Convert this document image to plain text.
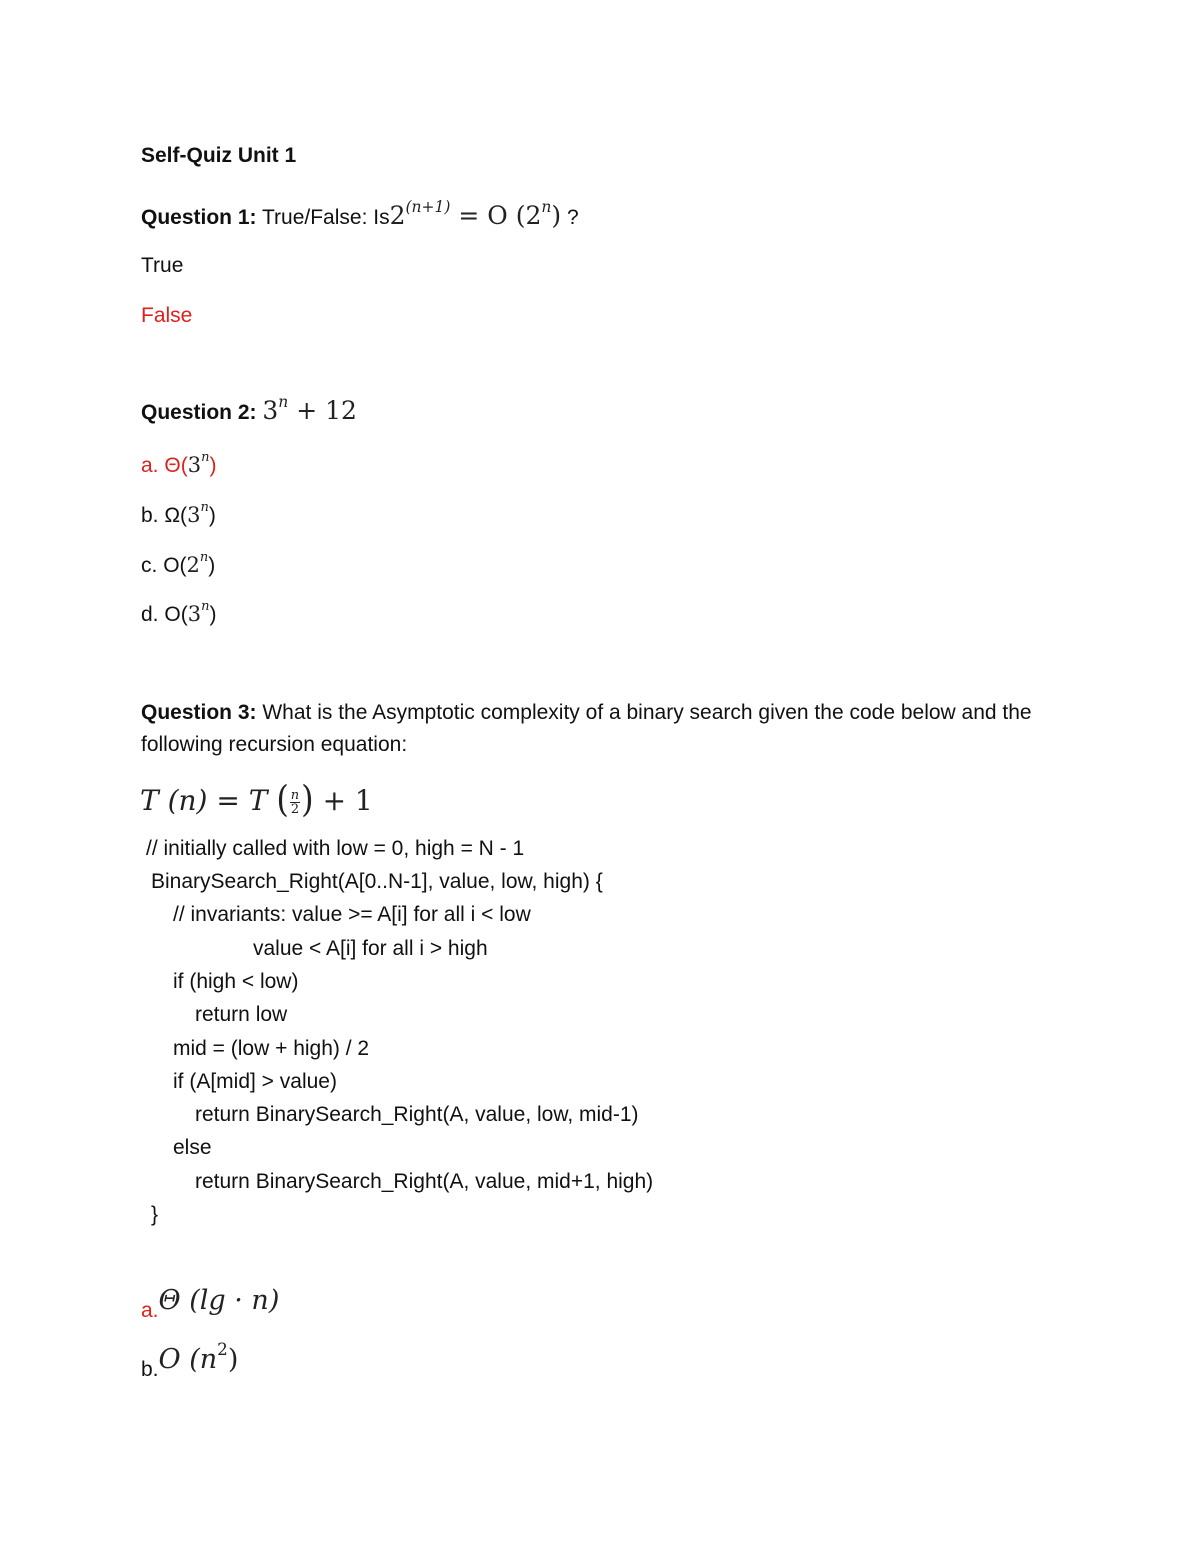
Self-Quiz Unit 1
Question 1: True/False: $Is2^{(n+1)} = O$ (2$^n$) ?
True
False
Question 2: $3^n + 12$
a. Θ(3$^n$)
b. Ω(3$^n$)
c. O(2$^n$)
d. O(3$^n$)
Question 3: What is the Asymptotic complexity of a binary search given the code below and the
following recursion equation:
T (n) = T ( $\frac{n}{2}$ ) + 1
// initially called with low = 0, high = N - 1
BinarySearch_Right(A[0..N-1], value, low, high) {
// invariants: value >= A[i] for all i < low
value < A[i] for all i > high
if (high < low)
return low
mid = (low + high) / 2
if (A[mid] > value)
return BinarySearch_Right(A, value, low, mid-1)
else
return BinarySearch_Right(A, value, mid+1, high)
}
a.Θ (lg · n)
b.O $(n^2)$
